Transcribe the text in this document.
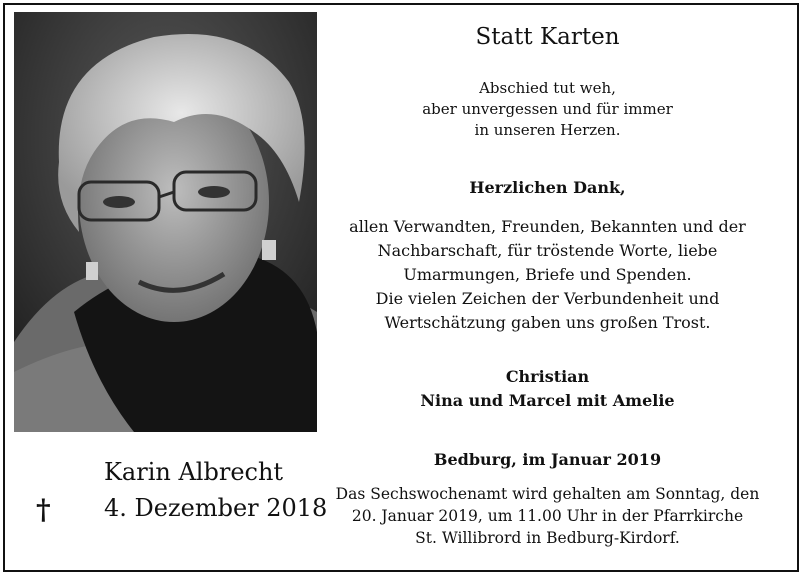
Karin Albrecht
† 4. Dezember 2018
Statt Karten
Abschied tut weh,
aber unvergessen und für immer
in unseren Herzen.
Herzlichen Dank,
allen Verwandten, Freunden, Bekannten und der
Nachbarschaft, für tröstende Worte, liebe
Umarmungen, Briefe und Spenden.
Die vielen Zeichen der Verbundenheit und
Wertschätzung gaben uns großen Trost.
Christian
Nina und Marcel mit Amelie
Bedburg, im Januar 2019
Das Sechswochenamt wird gehalten am Sonntag, den
20. Januar 2019, um 11.00 Uhr in der Pfarrkirche
St. Willibrord in Bedburg-Kirdorf.
